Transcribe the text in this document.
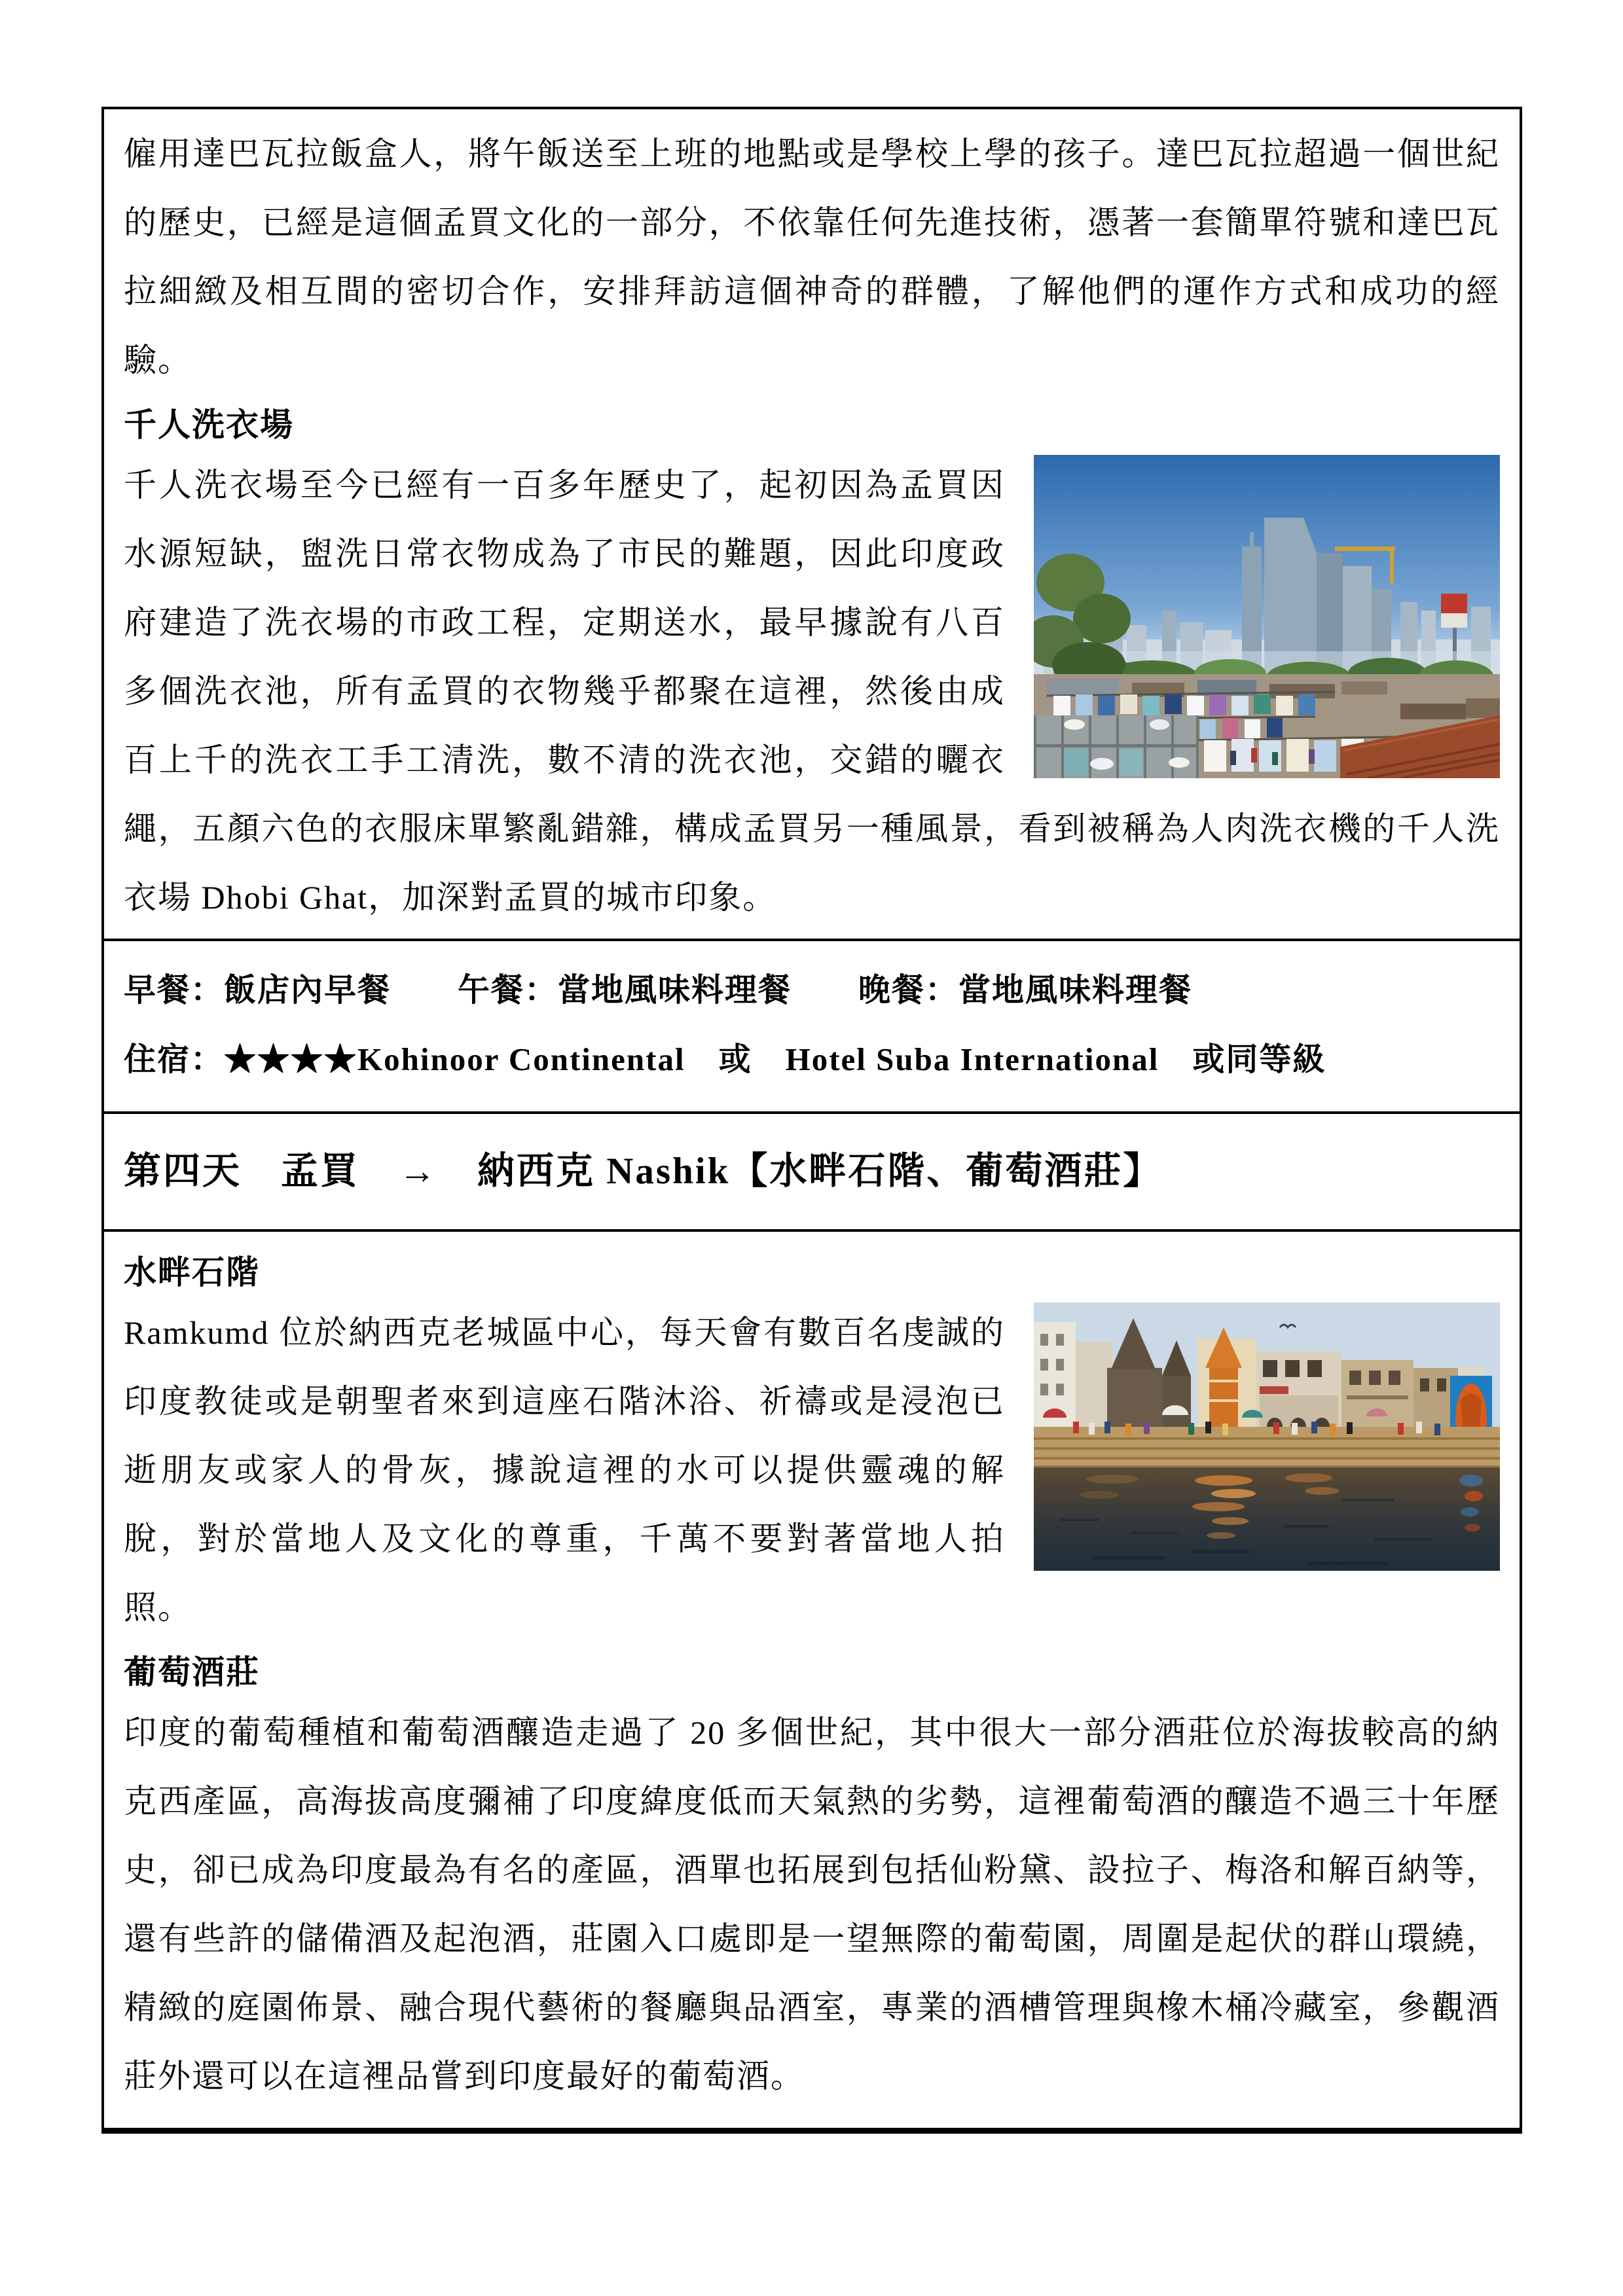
僱用達巴瓦拉飯盒人，將午飯送至上班的地點或是學校上學的孩子。達巴瓦拉超過一個世紀的歷史，已經是這個孟買文化的一部分，不依靠任何先進技術，憑著一套簡單符號和達巴瓦拉細緻及相互間的密切合作，安排拜訪這個神奇的群體，了解他們的運作方式和成功的經驗。

千人洗衣場

千人洗衣場至今已經有一百多年歷史了，起初因為孟買因水源短缺，盥洗日常衣物成為了市民的難題，因此印度政府建造了洗衣場的市政工程，定期送水，最早據說有八百多個洗衣池，所有孟買的衣物幾乎都聚在這裡，然後由成百上千的洗衣工手工清洗，數不清的洗衣池，交錯的曬衣繩，五顏六色的衣服床單繁亂錯雜，構成孟買另一種風景，看到被稱為人肉洗衣機的千人洗衣場 Dhobi Ghat，加深對孟買的城市印象。

早餐：飯店內早餐　　午餐：當地風味料理餐　　晚餐：當地風味料理餐

住宿：★★★★Kohinoor Continental　或　Hotel Suba International　或同等級

第四天　孟買　→　納西克 Nashik【水畔石階、葡萄酒莊】

水畔石階

Ramkumd 位於納西克老城區中心，每天會有數百名虔誠的印度教徒或是朝聖者來到這座石階沐浴、祈禱或是浸泡已逝朋友或家人的骨灰，據說這裡的水可以提供靈魂的解脫，對於當地人及文化的尊重，千萬不要對著當地人拍照。

葡萄酒莊

印度的葡萄種植和葡萄酒釀造走過了 20 多個世紀，其中很大一部分酒莊位於海拔較高的納克西產區，高海拔高度彌補了印度緯度低而天氣熱的劣勢，這裡葡萄酒的釀造不過三十年歷史，卻已成為印度最為有名的產區，酒單也拓展到包括仙粉黛、設拉子、梅洛和解百納等，還有些許的儲備酒及起泡酒，莊園入口處即是一望無際的葡萄園，周圍是起伏的群山環繞，精緻的庭園佈景、融合現代藝術的餐廳與品酒室，專業的酒槽管理與橡木桶冷藏室，參觀酒莊外還可以在這裡品嘗到印度最好的葡萄酒。
